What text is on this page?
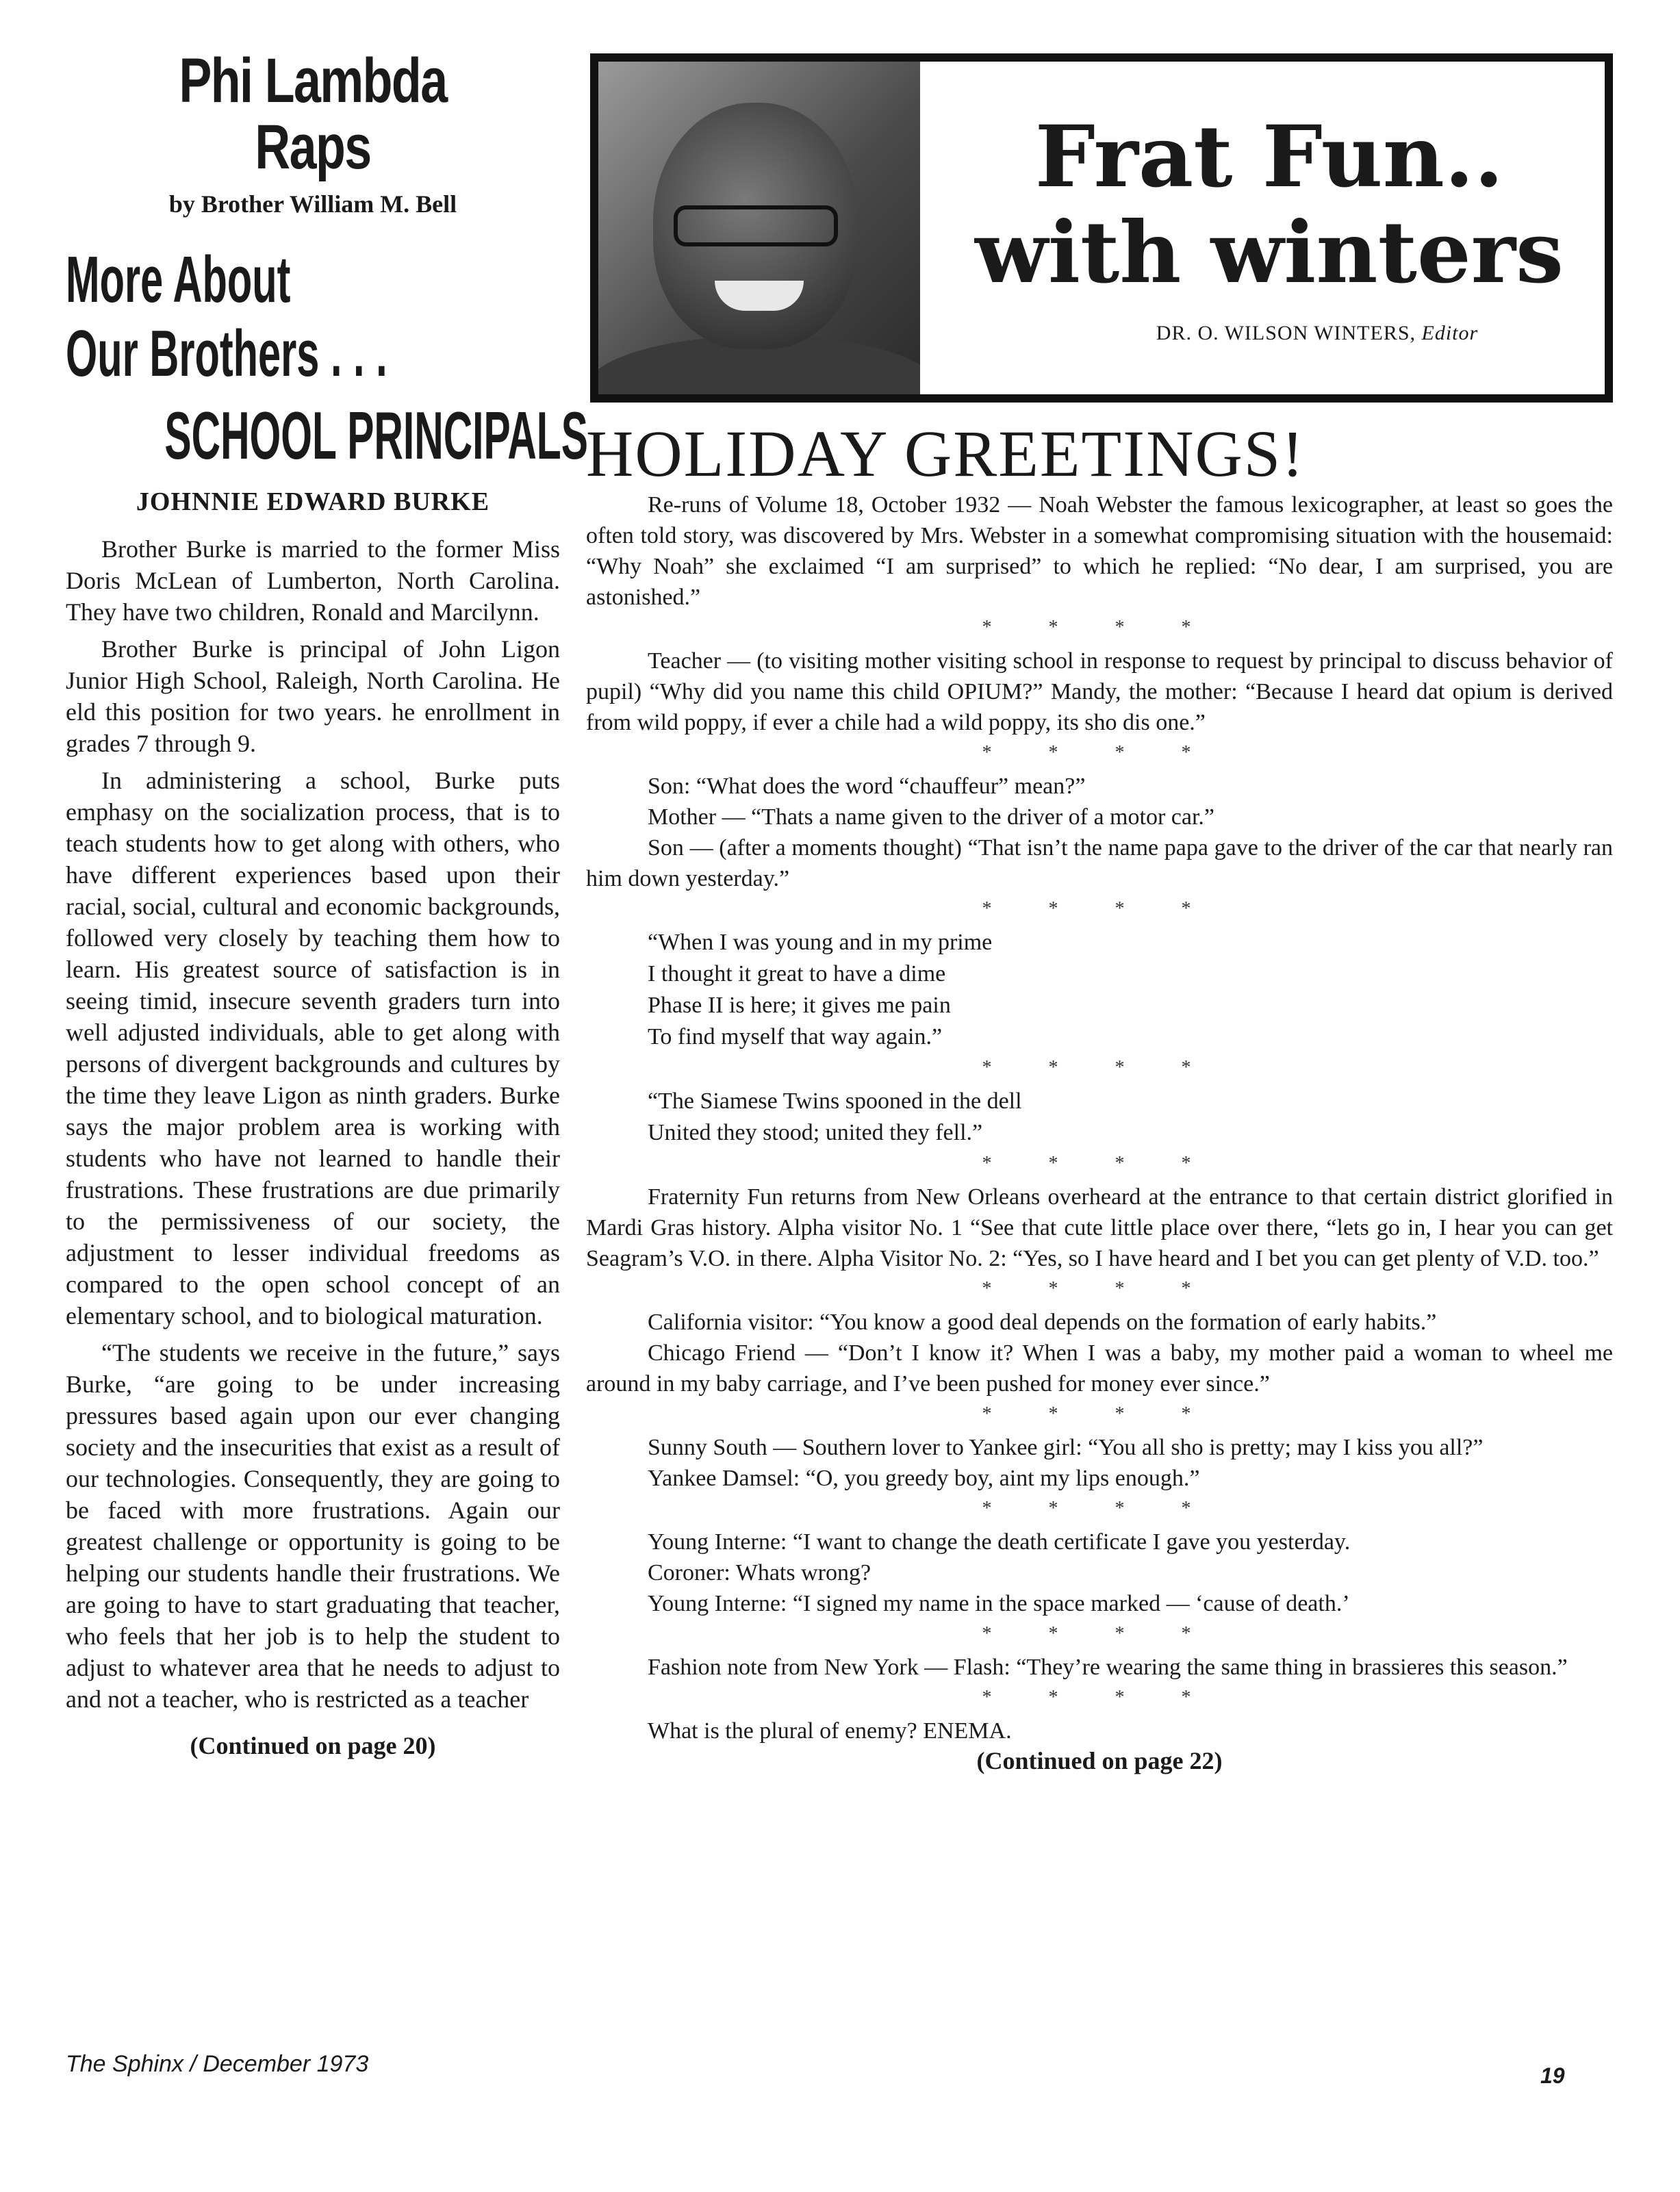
Phi Lambda Raps
by Brother William M. Bell
More About
Our Brothers . . .
SCHOOL PRINCIPALS
JOHNNIE EDWARD BURKE

Brother Burke is married to the former Miss Doris McLean of Lumberton, North Carolina. They have two children, Ronald and Marcilynn.

Brother Burke is principal of John Ligon Junior High School, Raleigh, North Carolina. He eld this position for two years. he enrollment in grades 7 through 9.

In administering a school, Burke puts emphasy on the socialization process, that is to teach students how to get along with others, who have different experiences based upon their racial, social, cultural and economic backgrounds, followed very closely by teaching them how to learn. His greatest source of satisfaction is in seeing timid, insecure seventh graders turn into well adjusted individuals, able to get along with persons of divergent backgrounds and cultures by the time they leave Ligon as ninth graders. Burke says the major problem area is working with students who have not learned to handle their frustrations. These frustrations are due primarily to the permissiveness of our society, the adjustment to lesser individual freedoms as compared to the open school concept of an elementary school, and to biological maturation.

“The students we receive in the future,” says Burke, “are going to be under increasing pressures based again upon our ever changing society and the insecurities that exist as a result of our technologies. Consequently, they are going to be faced with more frustrations. Again our greatest challenge or opportunity is going to be helping our students handle their frustrations. We are going to have to start graduating that teacher, who feels that her job is to help the student to adjust to whatever area that he needs to adjust to and not a teacher, who is restricted as a teacher

(Continued on page 20)
Frat Fun..
with winters
DR. O. WILSON WINTERS, Editor
HOLIDAY GREETINGS!

Re-runs of Volume 18, October 1932 — Noah Webster the famous lexicographer, at least so goes the often told story, was discovered by Mrs. Webster in a somewhat compromising situation with the housemaid: “Why Noah” she exclaimed “I am surprised” to which he replied: “No dear, I am surprised, you are astonished.”

* * * *

Teacher — (to visiting mother visiting school in response to request by principal to discuss behavior of pupil) “Why did you name this child OPIUM?” Mandy, the mother: “Because I heard dat opium is derived from wild poppy, if ever a chile had a wild poppy, its sho dis one.”

* * * *

Son: “What does the word “chauffeur” mean?”

Mother — “Thats a name given to the driver of a motor car.”

Son — (after a moments thought) “That isn’t the name papa gave to the driver of the car that nearly ran him down yesterday.”

* * * *
“When I was young and in my prime
I thought it great to have a dime
Phase II is here; it gives me pain
To find myself that way again.”
* * * *
“The Siamese Twins spooned in the dell
United they stood; united they fell.”
* * * *

Fraternity Fun returns from New Orleans overheard at the entrance to that certain district glorified in Mardi Gras history. Alpha visitor No. 1 “See that cute little place over there, “lets go in, I hear you can get Seagram’s V.O. in there. Alpha Visitor No. 2: “Yes, so I have heard and I bet you can get plenty of V.D. too.”

* * * *

California visitor: “You know a good deal depends on the formation of early habits.”

Chicago Friend — “Don’t I know it? When I was a baby, my mother paid a woman to wheel me around in my baby carriage, and I’ve been pushed for money ever since.”

* * * *

Sunny South — Southern lover to Yankee girl: “You all sho is pretty; may I kiss you all?”

Yankee Damsel: “O, you greedy boy, aint my lips enough.”

* * * *

Young Interne: “I want to change the death certificate I gave you yesterday.

Coroner: Whats wrong?

Young Interne: “I signed my name in the space marked — ‘cause of death.’

* * * *

Fashion note from New York — Flash: “They’re wearing the same thing in brassieres this season.”

* * * *

What is the plural of enemy? ENEMA.

(Continued on page 22)
The Sphinx / December 1973	19
